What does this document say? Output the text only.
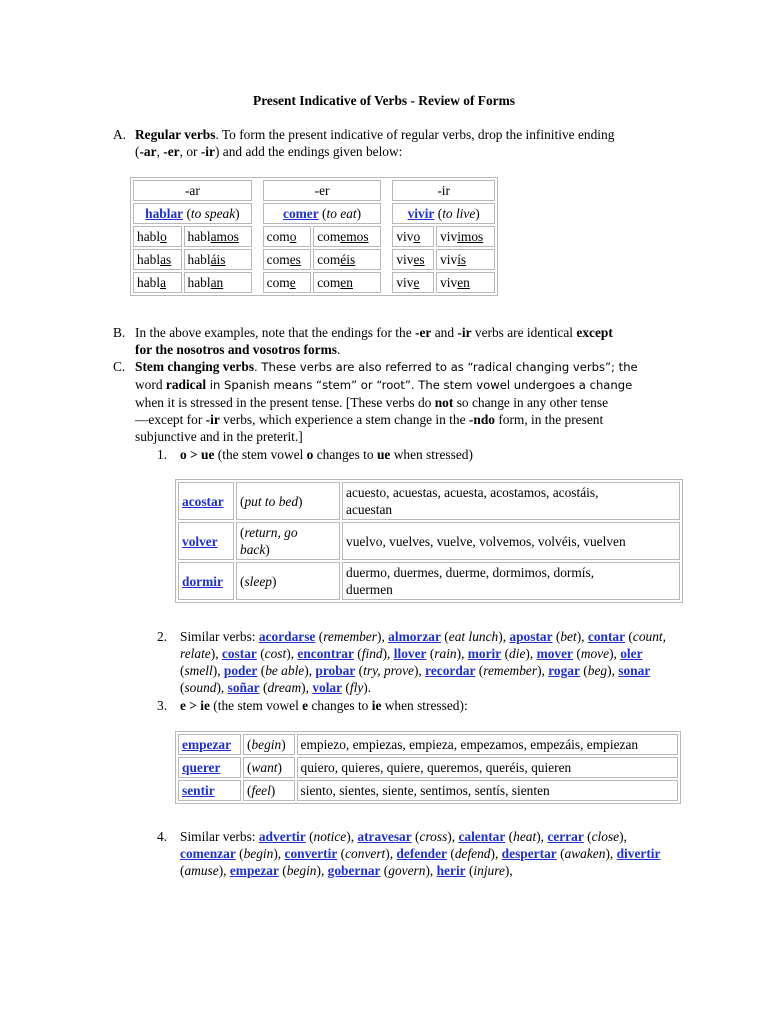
Present Indicative of Verbs - Review of Forms
A. Regular verbs. To form the present indicative of regular verbs, drop the infinitive ending
(-ar, -er, or -ir) and add the endings given below:
-ar			-er			-ir	
hablar (to speak)			comer (to eat)			vivir (to live)	
hablo	hablamos		como	comemos		vivo	vivimos
hablas	habláis		comes	coméis		vives	vivís
habla	hablan		come	comen		vive	viven
B. In the above examples, note that the endings for the -er and -ir verbs are identical except
for the nosotros and vosotros forms.
C. Stem changing verbs. These verbs are also referred to as “radical changing verbs”; the
word radical in Spanish means “stem” or “root”. The stem vowel undergoes a change
when it is stressed in the present tense. [These verbs do not so change in any other tense
—except for -ir verbs, which experience a stem change in the -ndo form, in the present
subjunctive and in the preterit.]
1. o > ue (the stem vowel o changes to ue when stressed)
acostar	(put to bed)	acuesto, acuestas, acuesta, acostamos, acostáis,
acuestan
volver	(return, go
back)	vuelvo, vuelves, vuelve, volvemos, volvéis, vuelven
dormir	(sleep)	duermo, duermes, duerme, dormimos, dormís,
duermen
2. Similar verbs: acordarse (remember), almorzar (eat lunch), apostar (bet), contar (count, relate), costar (cost), encontrar (find), llover (rain), morir (die), mover (move), oler (smell), poder (be able), probar (try, prove), recordar (remember), rogar (beg), sonar (sound), soñar (dream), volar (fly).
3. e > ie (the stem vowel e changes to ie when stressed):
empezar	(begin)	empiezo, empiezas, empieza, empezamos, empezáis, empiezan
querer	(want)	quiero, quieres, quiere, queremos, queréis, quieren
sentir	(feel)	siento, sientes, siente, sentimos, sentís, sienten
4. Similar verbs: advertir (notice), atravesar (cross), calentar (heat), cerrar (close), comenzar (begin), convertir (convert), defender (defend), despertar (awaken), divertir (amuse), empezar (begin), gobernar (govern), herir (injure),
